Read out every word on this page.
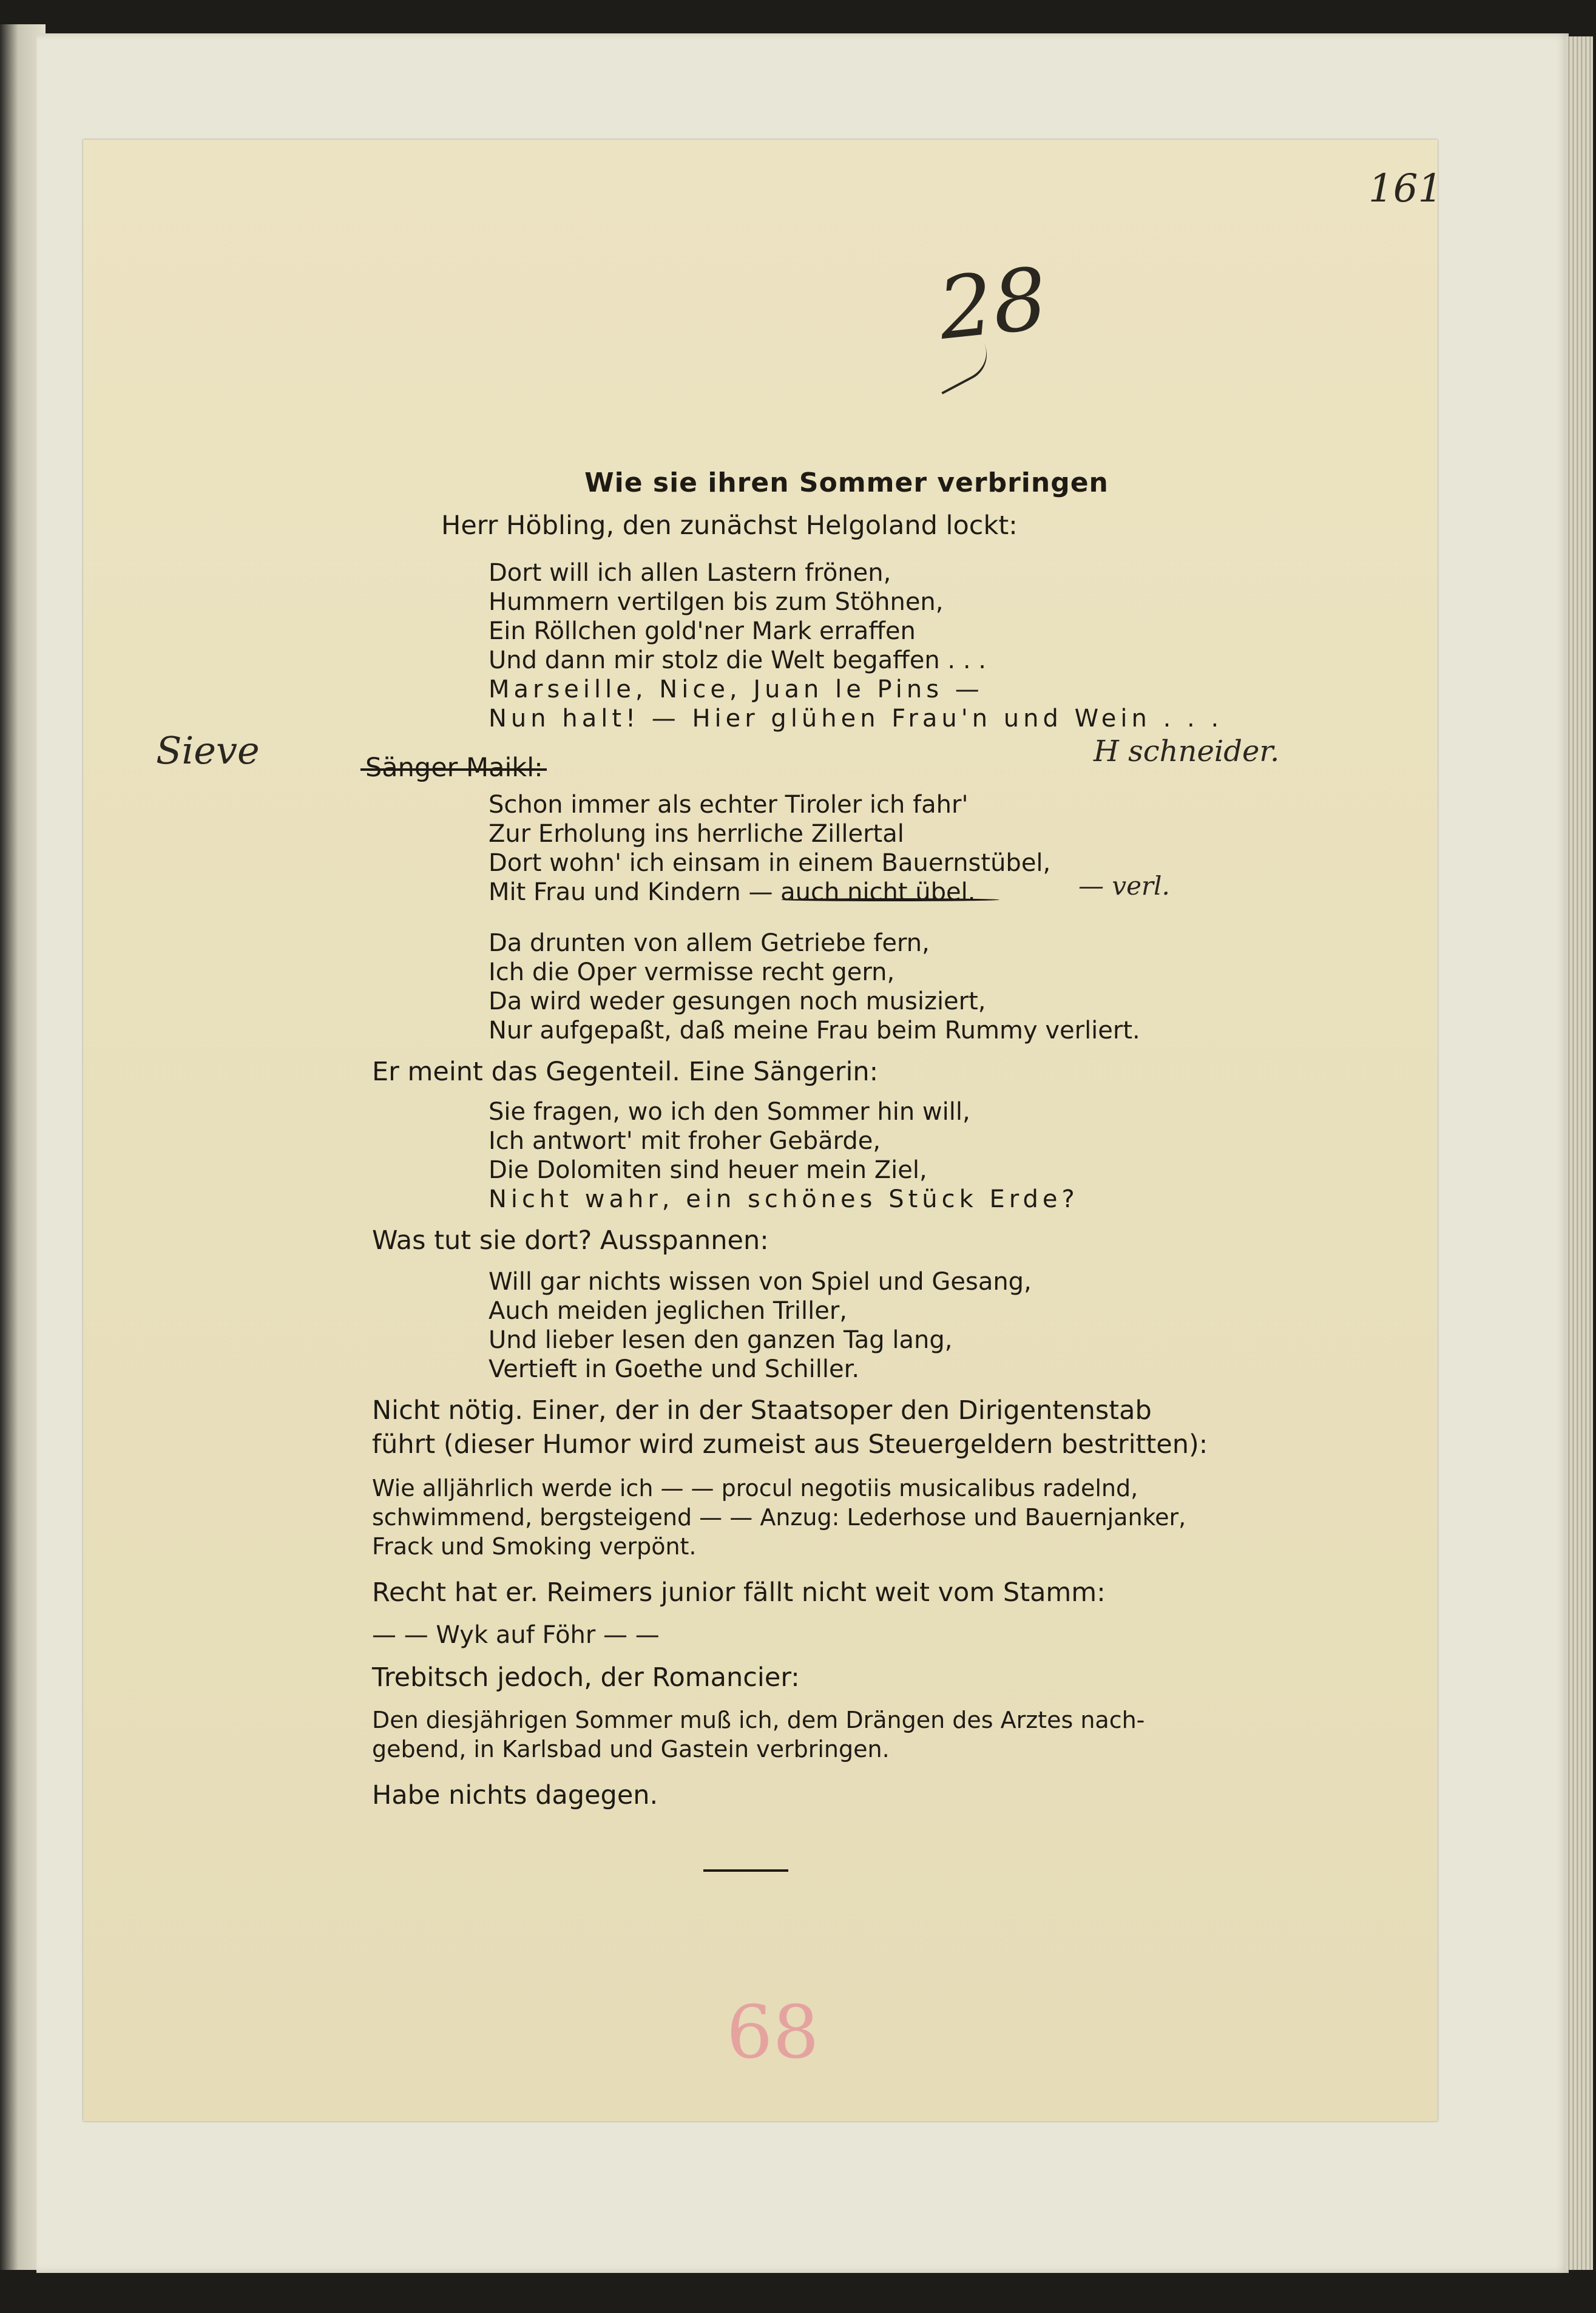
161
28
Sieve	H schneider.
— verl.
Wie sie ihren Sommer verbringen
Herr Höbling, den zunächst Helgoland lockt:
Dort will ich allen Lastern frönen,
Hummern vertilgen bis zum Stöhnen,
Ein Röllchen gold'ner Mark erraffen
Und dann mir stolz die Welt begaffen . . .
Marseille, Nice, Juan le Pins —
Nun halt! — Hier glühen Frau'n und Wein . . .
Sänger Maikl:
Schon immer als echter Tiroler ich fahr'
Zur Erholung ins herrliche Zillertal
Dort wohn' ich einsam in einem Bauernstübel,
Mit Frau und Kindern — auch nicht übel.
Da drunten von allem Getriebe fern,
Ich die Oper vermisse recht gern,
Da wird weder gesungen noch musiziert,
Nur aufgepaßt, daß meine Frau beim Rummy verliert.
Er meint das Gegenteil. Eine Sängerin:
Sie fragen, wo ich den Sommer hin will,
Ich antwort' mit froher Gebärde,
Die Dolomiten sind heuer mein Ziel,
Nicht wahr, ein schönes Stück Erde?
Was tut sie dort? Ausspannen:
Will gar nichts wissen von Spiel und Gesang,
Auch meiden jeglichen Triller,
Und lieber lesen den ganzen Tag lang,
Vertieft in Goethe und Schiller.
Nicht nötig. Einer, der in der Staatsoper den Dirigentenstab
führt (dieser Humor wird zumeist aus Steuergeldern bestritten):
Wie alljährlich werde ich — — procul negotiis musicalibus radelnd,
schwimmend, bergsteigend — — Anzug: Lederhose und Bauernjanker,
Frack und Smoking verpönt.
Recht hat er. Reimers junior fällt nicht weit vom Stamm:
— — Wyk auf Föhr — —
Trebitsch jedoch, der Romancier:
Den diesjährigen Sommer muß ich, dem Drängen des Arztes nach-
gebend, in Karlsbad und Gastein verbringen.
Habe nichts dagegen.
68
